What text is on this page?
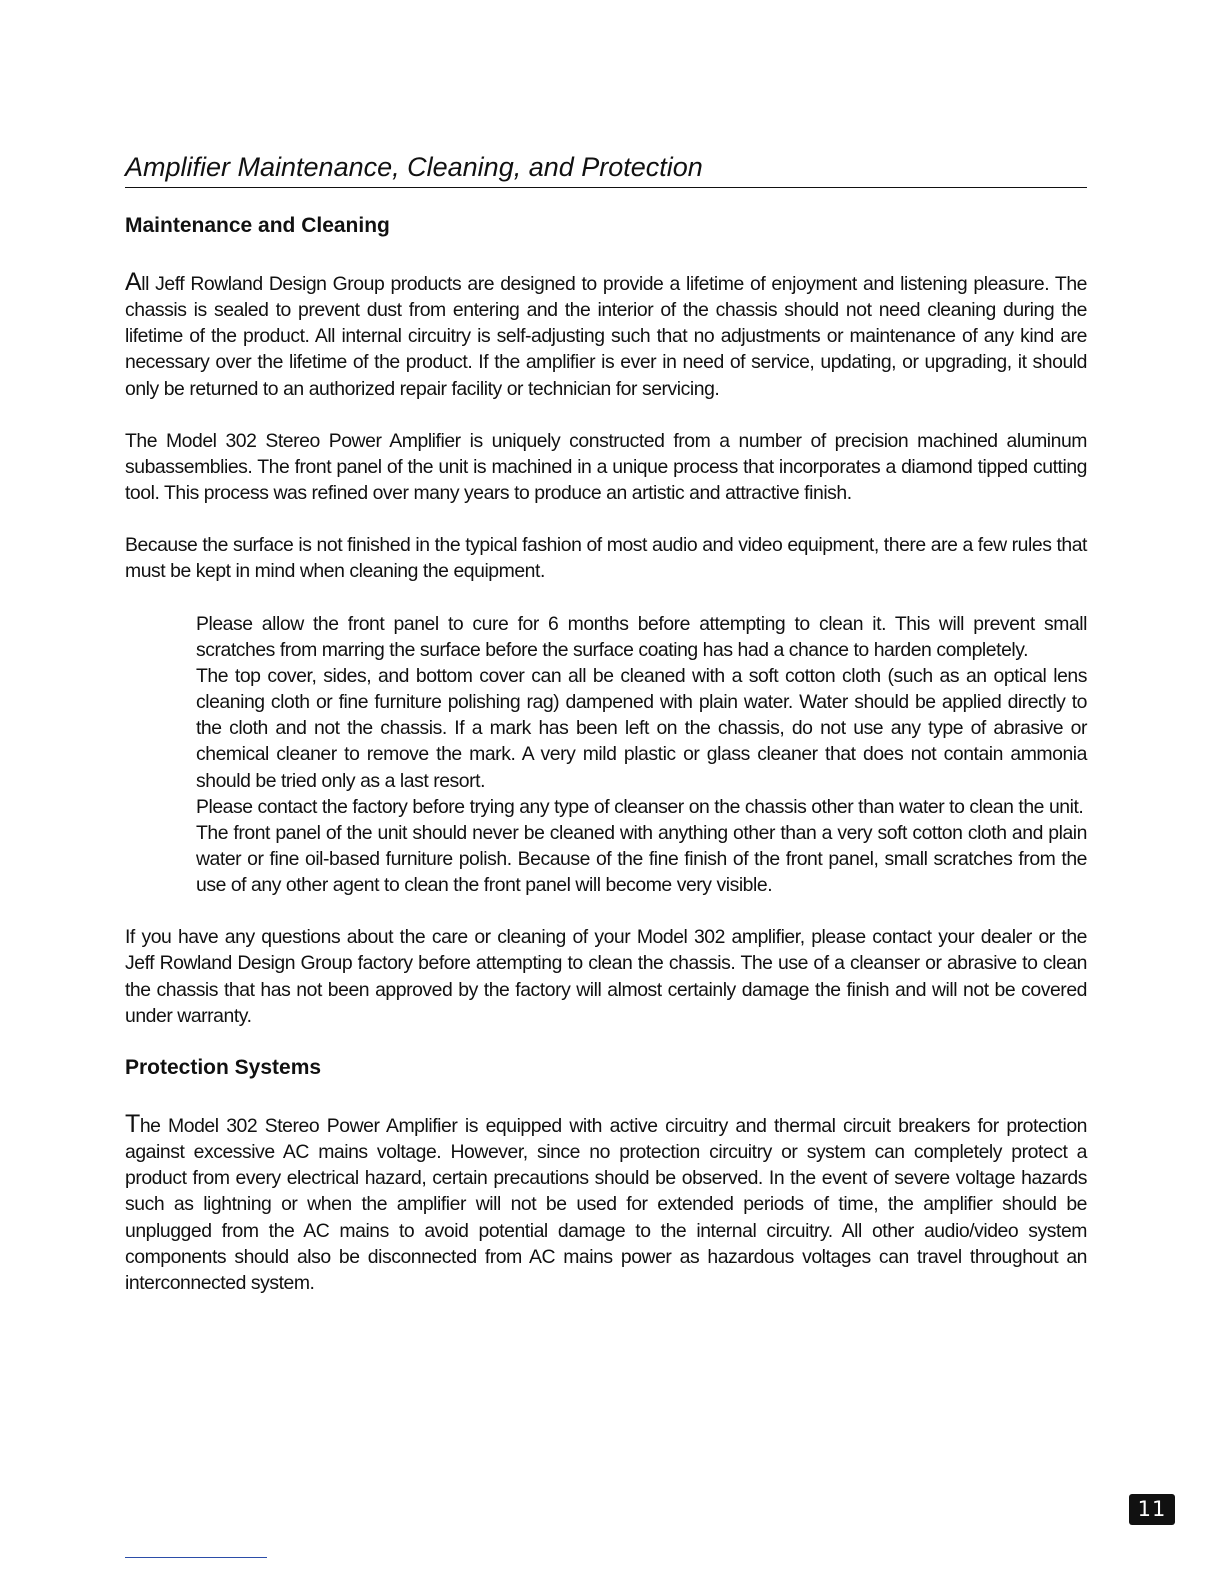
Amplifier Maintenance, Cleaning, and Protection
Maintenance and Cleaning

All Jeff Rowland Design Group products are designed to provide a lifetime of enjoyment and listening pleasure. The chassis is sealed to prevent dust from entering and the interior of the chassis should not need cleaning during the lifetime of the product. All internal circuitry is self-adjusting such that no adjustments or maintenance of any kind are necessary over the lifetime of the product. If the amplifier is ever in need of service, updating, or upgrading, it should only be returned to an authorized repair facility or technician for servicing.

The Model 302 Stereo Power Amplifier is uniquely constructed from a number of precision machined aluminum subassemblies. The front panel of the unit is machined in a unique process that incorporates a diamond tipped cutting tool. This process was refined over many years to produce an artistic and attractive finish.

Because the surface is not finished in the typical fashion of most audio and video equipment, there are a few rules that must be kept in mind when cleaning the equipment.

Please allow the front panel to cure for 6 months before attempting to clean it. This will prevent small scratches from marring the surface before the surface coating has had a chance to harden completely.

The top cover, sides, and bottom cover can all be cleaned with a soft cotton cloth (such as an optical lens cleaning cloth or fine furniture polishing rag) dampened with plain water. Water should be applied directly to the cloth and not the chassis. If a mark has been left on the chassis, do not use any type of abrasive or chemical cleaner to remove the mark. A very mild plastic or glass cleaner that does not contain ammonia should be tried only as a last resort.

Please contact the factory before trying any type of cleanser on the chassis other than water to clean the unit.

The front panel of the unit should never be cleaned with anything other than a very soft cotton cloth and plain water or fine oil-based furniture polish. Because of the fine finish of the front panel, small scratches from the use of any other agent to clean the front panel will become very visible.

If you have any questions about the care or cleaning of your Model 302 amplifier, please contact your dealer or the Jeff Rowland Design Group factory before attempting to clean the chassis. The use of a cleanser or abrasive to clean the chassis that has not been approved by the factory will almost certainly damage the finish and will not be covered under warranty.

Protection Systems

The Model 302 Stereo Power Amplifier is equipped with active circuitry and thermal circuit breakers for protection against excessive AC mains voltage. However, since no protection circuitry or system can completely protect a product from every electrical hazard, certain precautions should be observed. In the event of severe voltage hazards such as lightning or when the amplifier will not be used for extended periods of time, the amplifier should be unplugged from the AC mains to avoid potential damage to the internal circuitry. All other audio/video system components should also be disconnected from AC mains power as hazardous voltages can travel throughout an interconnected system.

11
